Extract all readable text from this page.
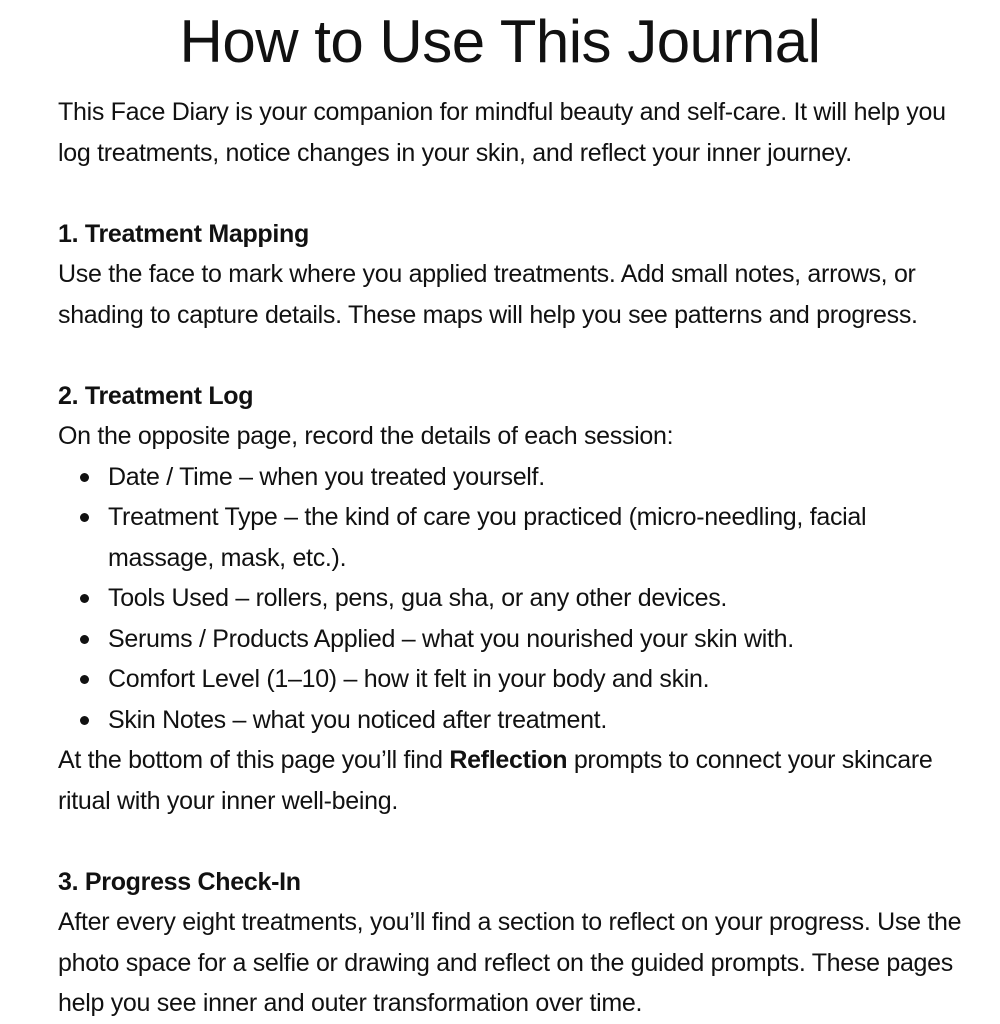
How to Use This Journal

This Face Diary is your companion for mindful beauty and self-care. It will help you log treatments, notice changes in your skin, and reflect your inner journey.

1. Treatment Mapping

Use the face to mark where you applied treatments. Add small notes, arrows, or shading to capture details. These maps will help you see patterns and progress.

2. Treatment Log

On the opposite page, record the details of each session:

Date / Time – when you treated yourself.
Treatment Type – the kind of care you practiced (micro-needling, facial massage, mask, etc.).
Tools Used – rollers, pens, gua sha, or any other devices.
Serums / Products Applied – what you nourished your skin with.
Comfort Level (1–10) – how it felt in your body and skin.
Skin Notes – what you noticed after treatment.

At the bottom of this page you’ll find Reflection prompts to connect your skincare ritual with your inner well-being.

3. Progress Check-In

After every eight treatments, you’ll find a section to reflect on your progress. Use the photo space for a selfie or drawing and reflect on the guided prompts. These pages help you see inner and outer transformation over time.
